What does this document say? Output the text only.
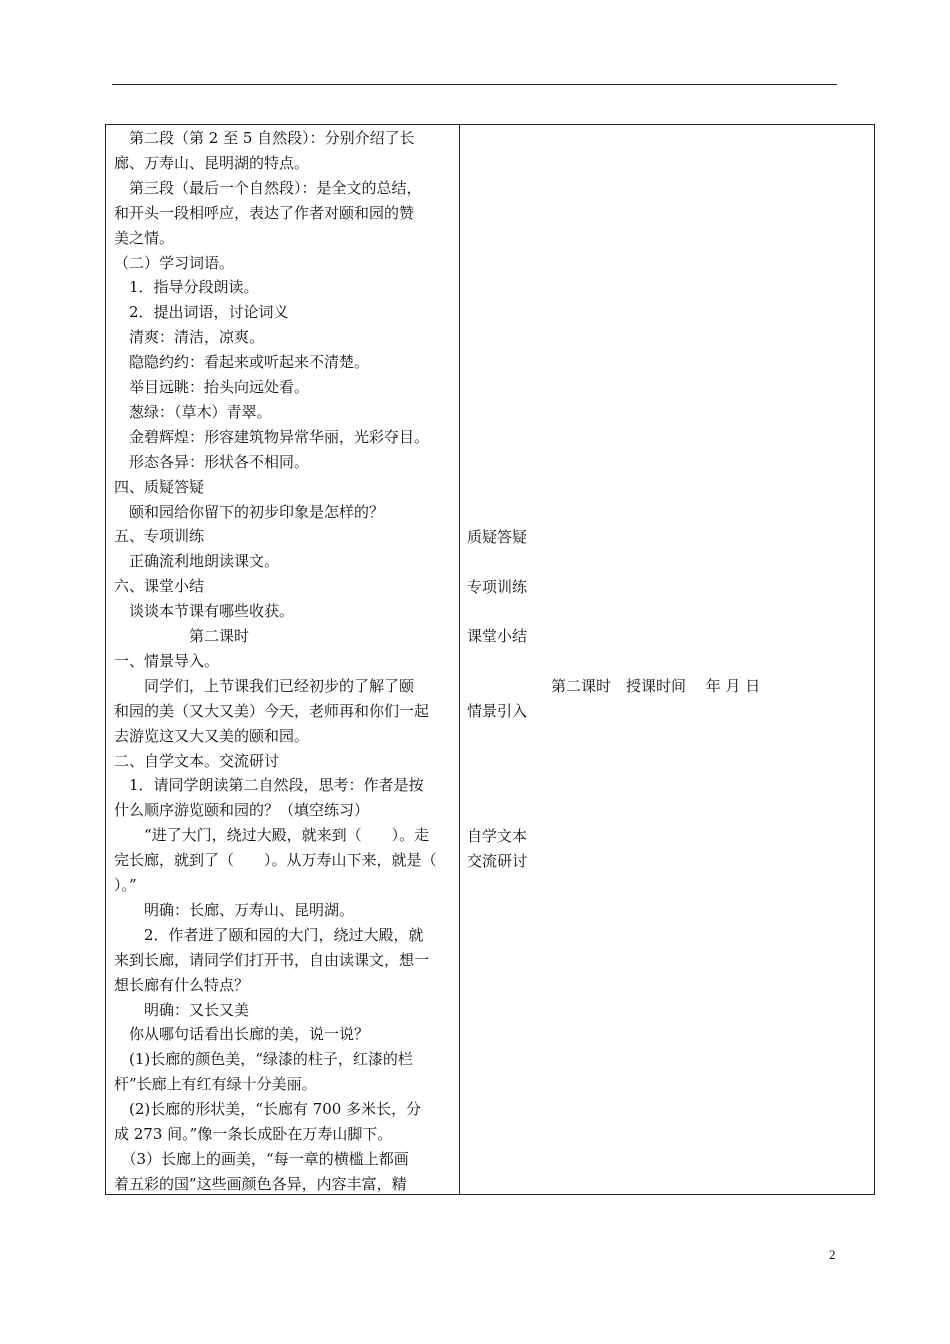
　第二段（第 2 至 5 自然段）：分别介绍了长
廊、万寿山、昆明湖的特点。
　第三段（最后一个自然段）：是全文的总结，
和开头一段相呼应，表达了作者对颐和园的赞
美之情。
（二）学习词语。
　1．指导分段朗读。
　2．提出词语，讨论词义
　清爽：清洁，凉爽。
　隐隐约约：看起来或听起来不清楚。
　举目远眺：抬头向远处看。
　葱绿：（草木）青翠。
　金碧辉煌：形容建筑物异常华丽，光彩夺目。
　形态各异：形状各不相同。
四、质疑答疑
　颐和园给你留下的初步印象是怎样的？
五、专项训练
　正确流利地朗读课文。
六、课堂小结
　谈谈本节课有哪些收获。
　　　　　第二课时
一、情景导入。
　　同学们，上节课我们已经初步的了解了颐
和园的美（又大又美）今天，老师再和你们一起
去游览这又大又美的颐和园。
二、自学文本。交流研讨
　1．请同学朗读第二自然段，思考：作者是按
什么顺序游览颐和园的？（填空练习）
　　“进了大门，绕过大殿，就来到（　　）。走
完长廊，就到了（　　）。从万寿山下来，就是（
）。”
　　明确：长廊、万寿山、昆明湖。
　　2．作者进了颐和园的大门，绕过大殿，就
来到长廊，请同学们打开书，自由读课文，想一
想长廊有什么特点？
　　明确：又长又美
　你从哪句话看出长廊的美，说一说？
　(1)长廊的颜色美，“绿漆的柱子，红漆的栏
杆”长廊上有红有绿十分美丽。
　(2)长廊的形状美，“长廊有 700 多米长，分
成 273 间。”像一条长成卧在万寿山脚下。
　（3）长廊上的画美，“每一章的横槛上都画
着五彩的国”这些画颜色各异，内容丰富，精
质疑答疑
专项训练
课堂小结
第二课时　授课时间　 年 月 日
情景引入
自学文本
交流研讨
2
